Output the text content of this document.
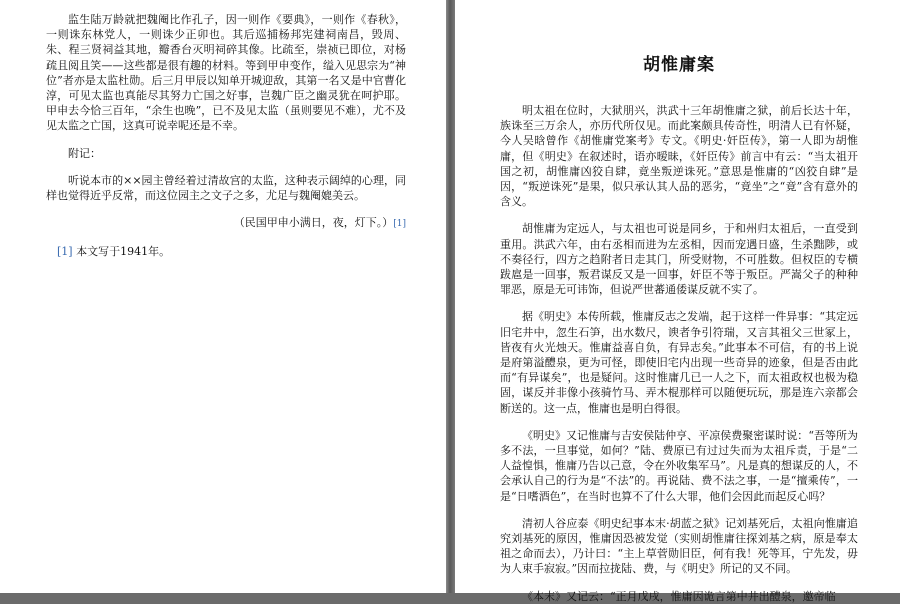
监生陆万龄就把魏阉比作孔子，因一则作《要典》，一则作《春秋》，一则诛东林党人，一则诛少正卯也。其后巡捕杨邦宪建祠南昌，毁周、朱、程三贤祠益其地，瓣香台灭明祠碎其像。比疏至，崇祯已即位，对杨疏且阅且笑——这些都是很有趣的材料。等到甲申变作，缢入见思宗为“神位”者亦是太监杜勋。后三月甲辰以知单开城迎敌，其第一名又是中官曹化淳，可见太监也真能尽其努力亡国之好事，岂魏广臣之幽灵犹在呵护耶。甲申去今恰三百年，“余生也晚”，已不及见太监（虽则要见不难），尤不及见太监之亡国，这真可说幸呢还是不幸。

附记：

听说本市的××园主曾经着过清故宫的太监，这种表示阔绰的心理，同样也觉得近乎反常，而这位园主之文子之多，尤足与魏阉媲美云。

（民国甲申小满日，夜，灯下。）[1]

[1] 本文写于1941年。
胡惟庸案

明太祖在位时，大狱朋兴，洪武十三年胡惟庸之狱，前后长达十年，族诛至三万余人，亦历代所仅见。而此案颇具传奇性，明清人已有怀疑，今人吴晗曾作《胡惟庸党案考》专文。《明史·奸臣传》，第一人即为胡惟庸，但《明史》在叙述时，语亦暧昧，《奸臣传》前言中有云：“当太祖开国之初，胡惟庸凶狡自肆，竟坐叛逆诛死。”意思是惟庸的“凶狡自肆”是因，“叛逆诛死”是果，似只承认其人品的恶劣，“竟坐”之“竟”含有意外的含义。

胡惟庸为定远人，与太祖也可说是同乡，于和州归太祖后，一直受到重用。洪武六年，由右丞相而进为左丞相，因而宠遇日盛，生杀黜陟，或不奏径行，四方之趋附者日走其门，所受财物，不可胜数。但权臣的专横跋扈是一回事，叛君谋反又是一回事，奸臣不等于叛臣。严嵩父子的种种罪恶，原是无可讳饰，但说严世蕃通倭谋反就不实了。

据《明史》本传所载，惟庸反志之发端，起于这样一件异事：“其定远旧宅井中，忽生石笋，出水数尺，谀者争引符瑞，又言其祖父三世冢上，皆夜有火光烛天。惟庸益喜自负，有异志矣。”此事本不可信，有的书上说是府第溢醴泉，更为可怪，即使旧宅内出现一些奇异的迹象，但是否由此而“有异谋矣”，也是疑问。这时惟庸几已一人之下，而太祖政权也极为稳固，谋反并非像小孩骑竹马、弄木棍那样可以随便玩玩，那是连六亲都会断送的。这一点，惟庸也是明白得很。

《明史》又记惟庸与吉安侯陆仲亨、平凉侯费聚密谋时说：“吾等所为多不法，一旦事觉，如何？”陆、费原已有过过失而为太祖斥责，于是“二人益惶惧，惟庸乃告以己意，令在外收集军马”。凡是真的想谋反的人，不会承认自己的行为是“不法”的。再说陆、费不法之事，一是“擅乘传”，一是“日嗜酒色”，在当时也算不了什么大罪，他们会因此而起反心吗？

清初人谷应泰《明史纪事本末·胡蓝之狱》记刘基死后，太祖向惟庸追究刘基死的原因，惟庸因恐被发觉（实则胡惟庸往探刘基之病，原是奉太祖之命而去），乃计曰：“主上草菅勋旧臣，何有我！死等耳，宁先发，毋为人束手寂寂。”因而拉拢陆、费，与《明史》所记的又不同。

《本末》又记云：“正月戊戌，惟庸因诡言第中井出醴泉，邀帝临
